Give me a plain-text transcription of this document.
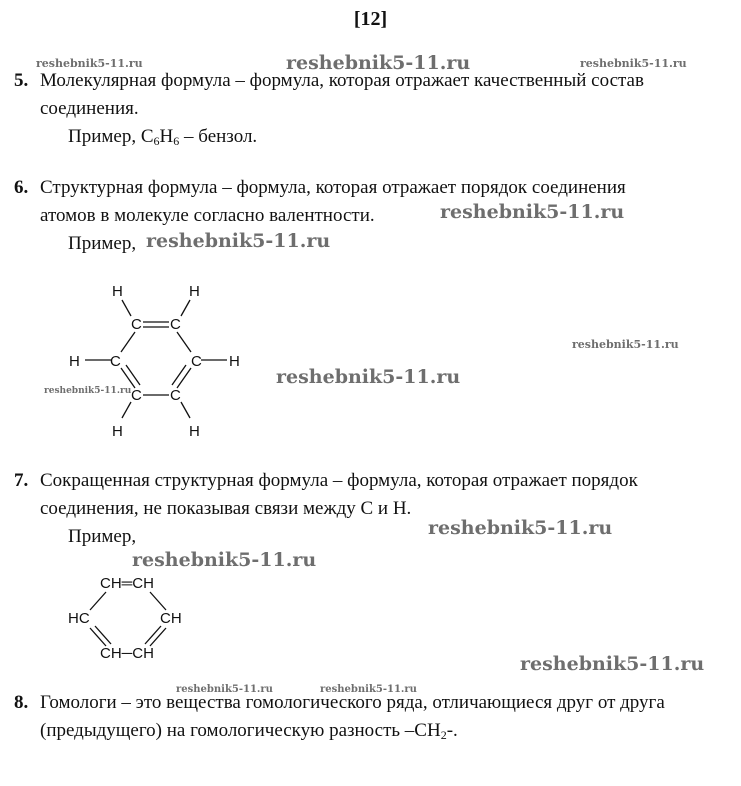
[12]
reshebnik5-11.ru	reshebnik5-11.ru	reshebnik5-11.ru
reshebnik5-11.ru
reshebnik5-11.ru
reshebnik5-11.ru
reshebnik5-11.ru
reshebnik5-11.ru
reshebnik5-11.ru
reshebnik5-11.ru
reshebnik5-11.ru
reshebnik5-11.ru	reshebnik5-11.ru
5. Молекулярная формула – формула, которая отражает качественный состав
соединения.
Пример, $C_6H_6$ – бензол.
6. Структурная формула – формула, которая отражает порядок соединения
атомов в молекуле согласно валентности.
Пример,
C C
C	C
C C
H	H
H	H
H	H
7. Сокращенная структурная формула – формула, которая отражает порядок
соединения, не показывая связи между С и Н.
Пример,
CH═CH
HC	CH
CH─CH
8. Гомологи – это вещества гомологического ряда, отличающиеся друг от друга
(предыдущего) на гомологическую разность $-CH_2-$.
